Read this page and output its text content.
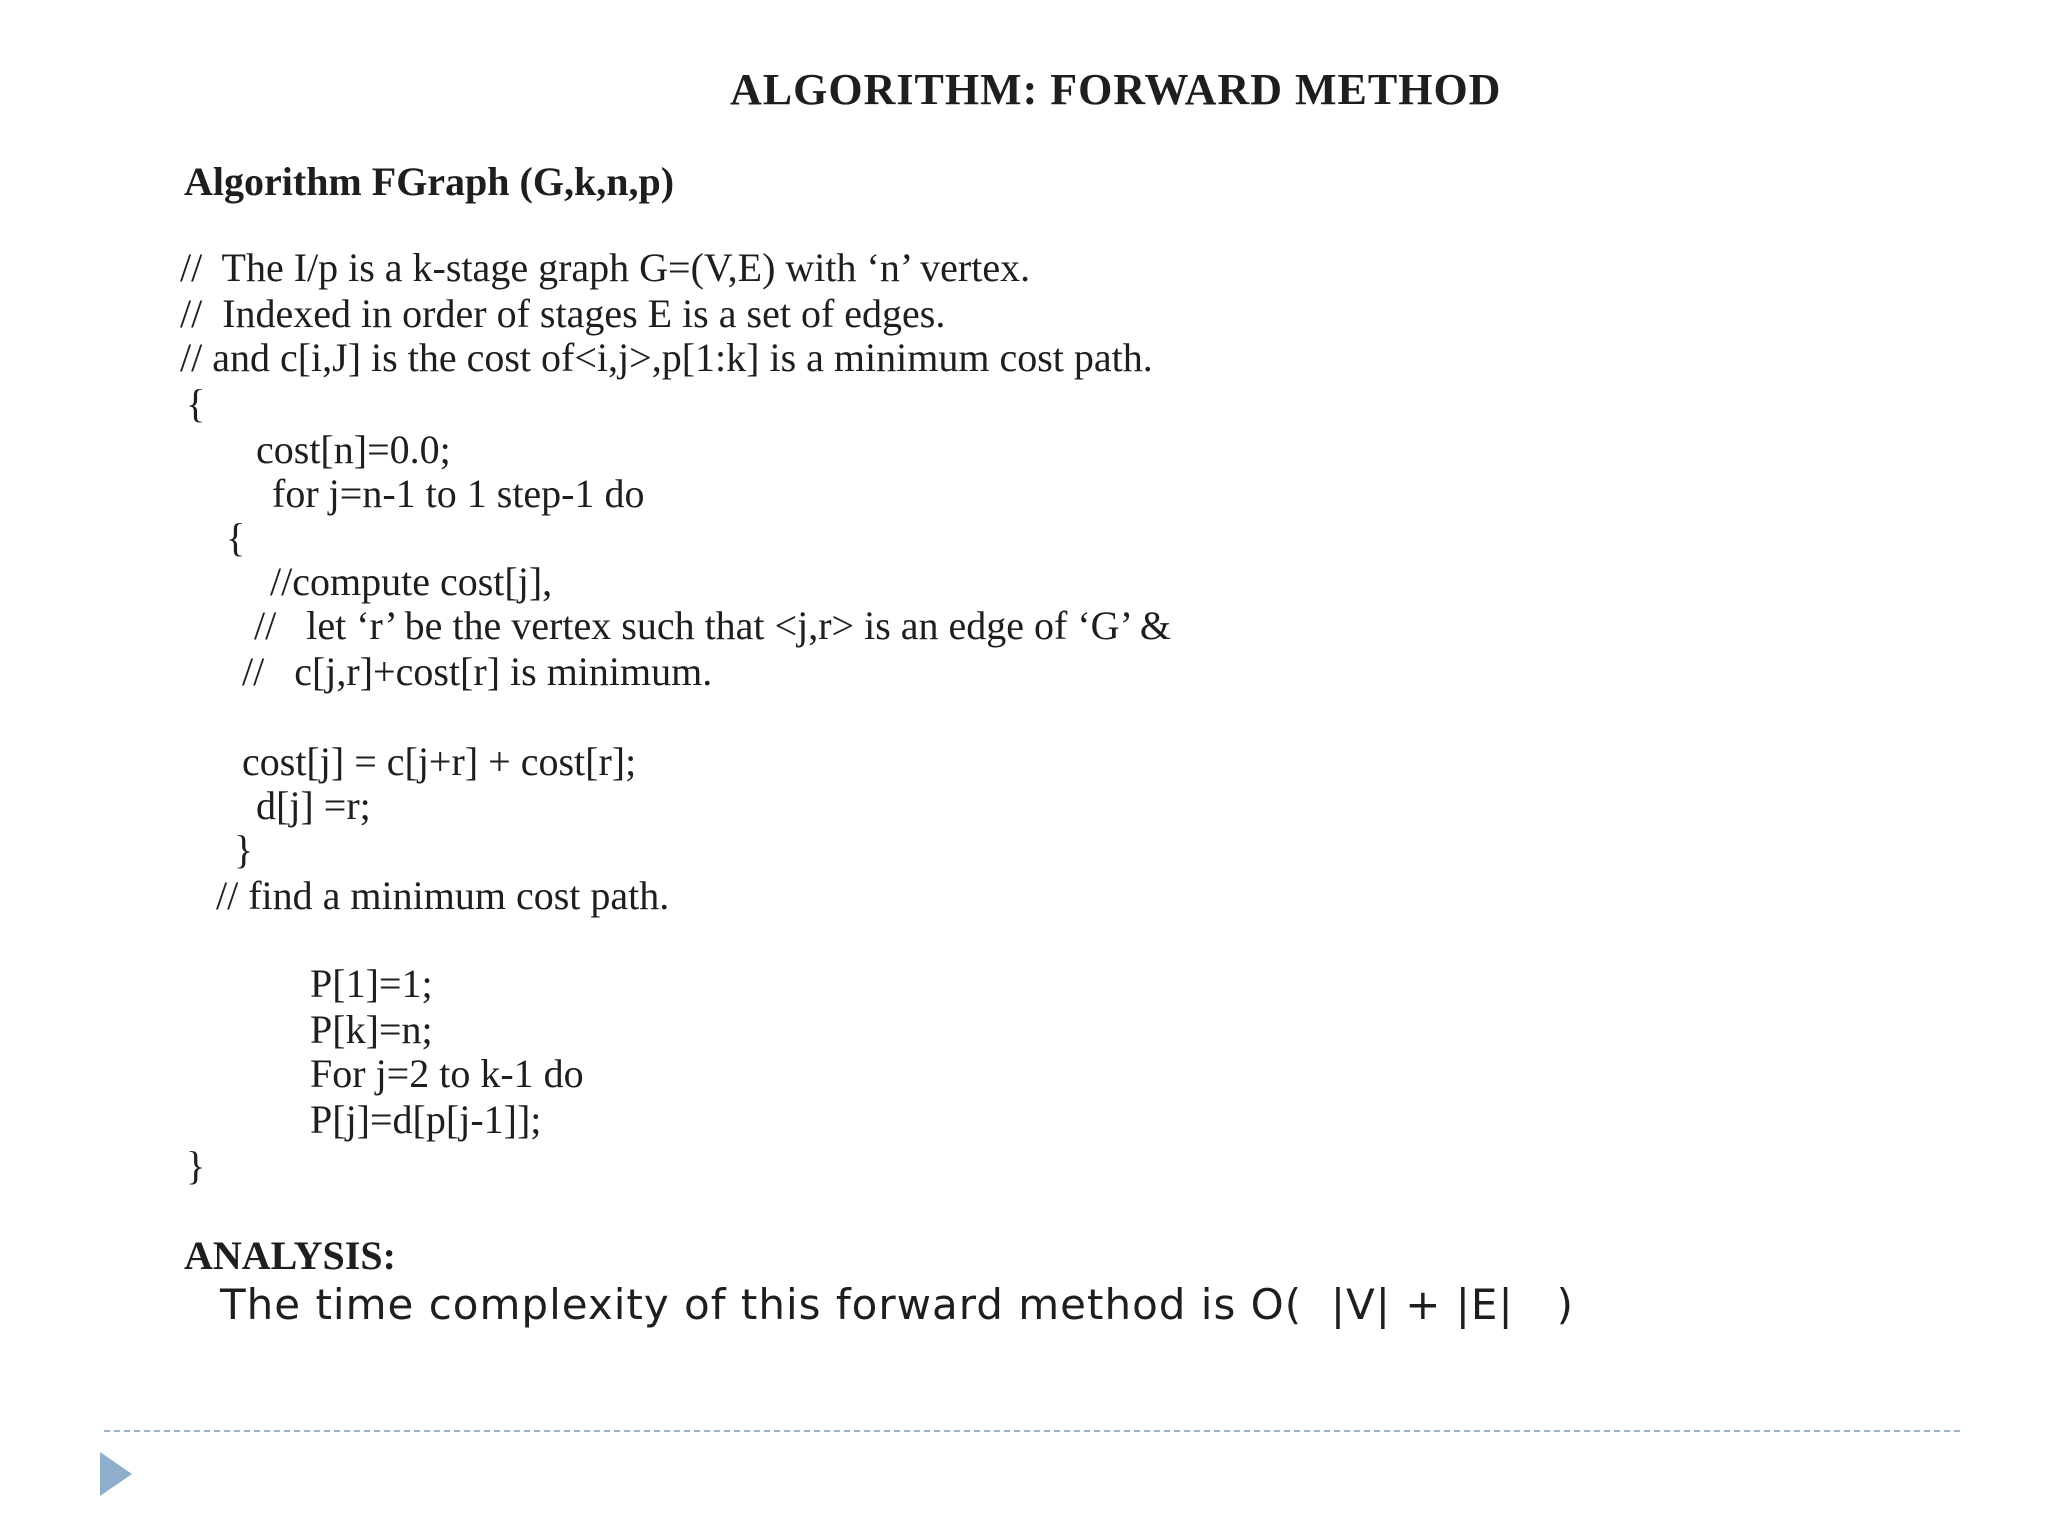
ALGORITHM: FORWARD METHOD
Algorithm FGraph (G,k,n,p)
//  The I/p is a k-stage graph G=(V,E) with ‘n’ vertex.
//  Indexed in order of stages E is a set of edges.
// and c[i,J] is the cost of<i,j>,p[1:k] is a minimum cost path.
{
cost[n]=0.0;
for j=n-1 to 1 step-1 do
{
//compute cost[j],
//   let ‘r’ be the vertex such that <j,r> is an edge of ‘G’ &
//   c[j,r]+cost[r] is minimum.
cost[j] = c[j+r] + cost[r];
d[j] =r;
}
// find a minimum cost path.
P[1]=1;
P[k]=n;
For j=2 to k-1 do
P[j]=d[p[j-1]];
}
ANALYSIS:
The time complexity of this forward method is O(  |V| + |E|   )
